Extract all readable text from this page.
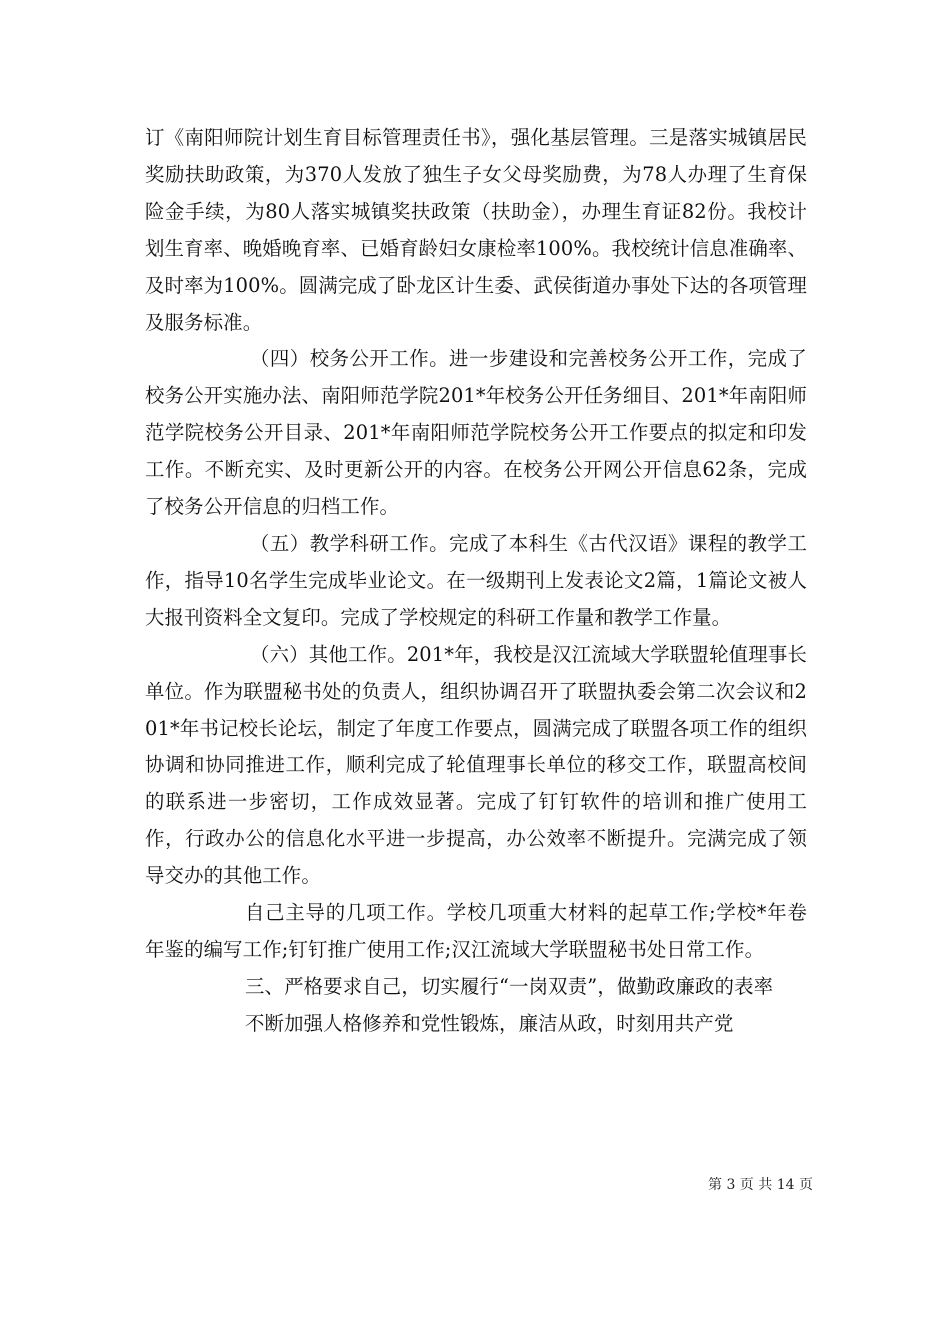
订《南阳师院计划生育目标管理责任书》，强化基层管理。三是落实城镇居民奖励扶助政策，为370人发放了独生子女父母奖励费，为78人办理了生育保险金手续，为80人落实城镇奖扶政策（扶助金），办理生育证82份。我校计划生育率、晚婚晚育率、已婚育龄妇女康检率100%。我校统计信息准确率、及时率为100%。圆满完成了卧龙区计生委、武侯街道办事处下达的各项管理及服务标准。

（四）校务公开工作。进一步建设和完善校务公开工作，完成了校务公开实施办法、南阳师范学院201*年校务公开任务细目、201*年南阳师范学院校务公开目录、201*年南阳师范学院校务公开工作要点的拟定和印发工作。不断充实、及时更新公开的内容。在校务公开网公开信息62条，完成了校务公开信息的归档工作。

（五）教学科研工作。完成了本科生《古代汉语》课程的教学工作，指导10名学生完成毕业论文。在一级期刊上发表论文2篇，1篇论文被人大报刊资料全文复印。完成了学校规定的科研工作量和教学工作量。

（六）其他工作。201*年，我校是汉江流域大学联盟轮值理事长单位。作为联盟秘书处的负责人，组织协调召开了联盟执委会第二次会议和201*年书记校长论坛，制定了年度工作要点，圆满完成了联盟各项工作的组织协调和协同推进工作，顺利完成了轮值理事长单位的移交工作，联盟高校间的联系进一步密切，工作成效显著。完成了钉钉软件的培训和推广使用工作，行政办公的信息化水平进一步提高，办公效率不断提升。完满完成了领导交办的其他工作。

自己主导的几项工作。学校几项重大材料的起草工作;学校*年卷年鉴的编写工作;钉钉推广使用工作;汉江流域大学联盟秘书处日常工作。

三、严格要求自己，切实履行“一岗双责”，做勤政廉政的表率

不断加强人格修养和党性锻炼，廉洁从政，时刻用共产党

第 3 页 共 14 页
